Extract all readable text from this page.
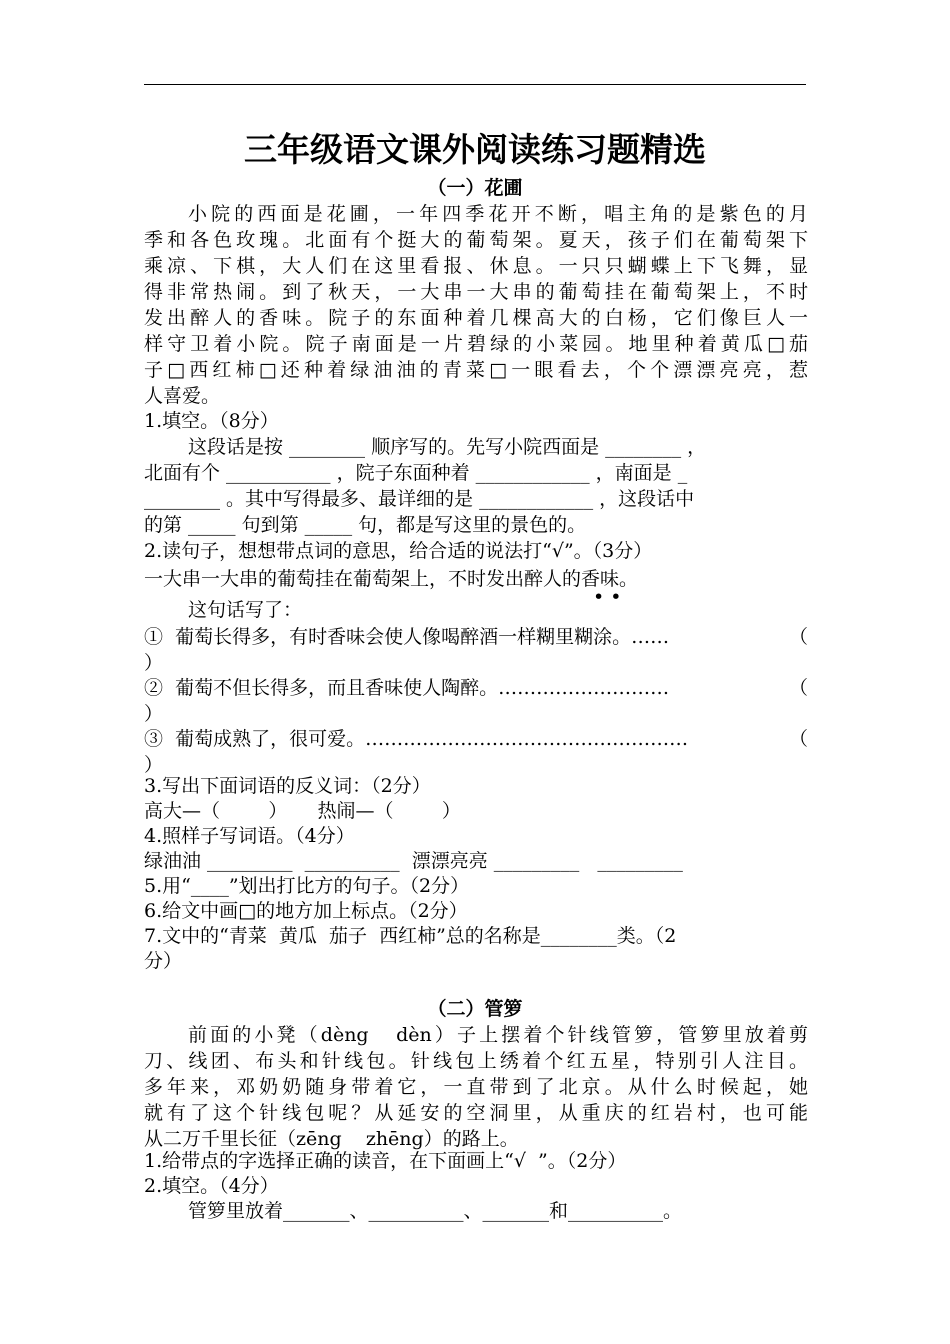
三年级语文课外阅读练习题精选
（一）花圃
小院的西面是花圃，一年四季花开不断，唱主角的是紫色的月
季和各色玫瑰。北面有个挺大的葡萄架。夏天，孩子们在葡萄架下
乘凉、下棋，大人们在这里看报、休息。一只只蝴蝶上下飞舞，显
得非常热闹。到了秋天，一大串一大串的葡萄挂在葡萄架上，不时
发出醉人的香味。院子的东面种着几棵高大的白杨，它们像巨人一
样守卫着小院。院子南面是一片碧绿的小菜园。地里种着黄瓜□茄
子□西红柿□还种着绿油油的青菜□一眼看去，个个漂漂亮亮，惹
人喜爱。
1.填空。（8分）
这段话是按 ________ 顺序写的。先写小院西面是 ________ ，
北面有个 ___________ ，院子东面种着 ____________ ，南面是 _
________ 。其中写得最多、最详细的是 ____________ ，这段话中
的第 _____ 句到第 _____ 句，都是写这里的景色的。
2.读句子，想想带点词的意思，给合适的说法打“√”。（3分）
一大串一大串的葡萄挂在葡萄架上，不时发出醉人的香味。
• •
这句话写了：
①  葡萄长得多，有时香味会使人像喝醉酒一样糊里糊涂。……	（
）
②  葡萄不但长得多，而且香味使人陶醉。………………………	（
）
③  葡萄成熟了，很可爱。……………………………………………	（
）
3.写出下面词语的反义词：（2分）
高大—（        ）     热闹—（        ）
4.照样子写词语。（4分）
绿油油 _________  __________  漂漂亮亮 _________   _________
5.用“____”划出打比方的句子。（2分）
6.给文中画□的地方加上标点。（2分）
7.文中的“青菜  黄瓜  茄子  西红柿”总的名称是________类。（2
分）
（二）管箩
前面的小凳（dèng   dèn）子上摆着个针线管箩，管箩里放着剪
刀、线团、布头和针线包。针线包上绣着个红五星，特别引人注目。
多年来，邓奶奶随身带着它，一直带到了北京。从什么时候起，她
就有了这个针线包呢？从延安的空洞里，从重庆的红岩村，也可能
从二万千里长征（zēng    zhēng）的路上。
1.给带点的字选择正确的读音，在下面画上“√  ”。（2分）
2.填空。（4分）
管箩里放着_______、__________、_______和__________。
